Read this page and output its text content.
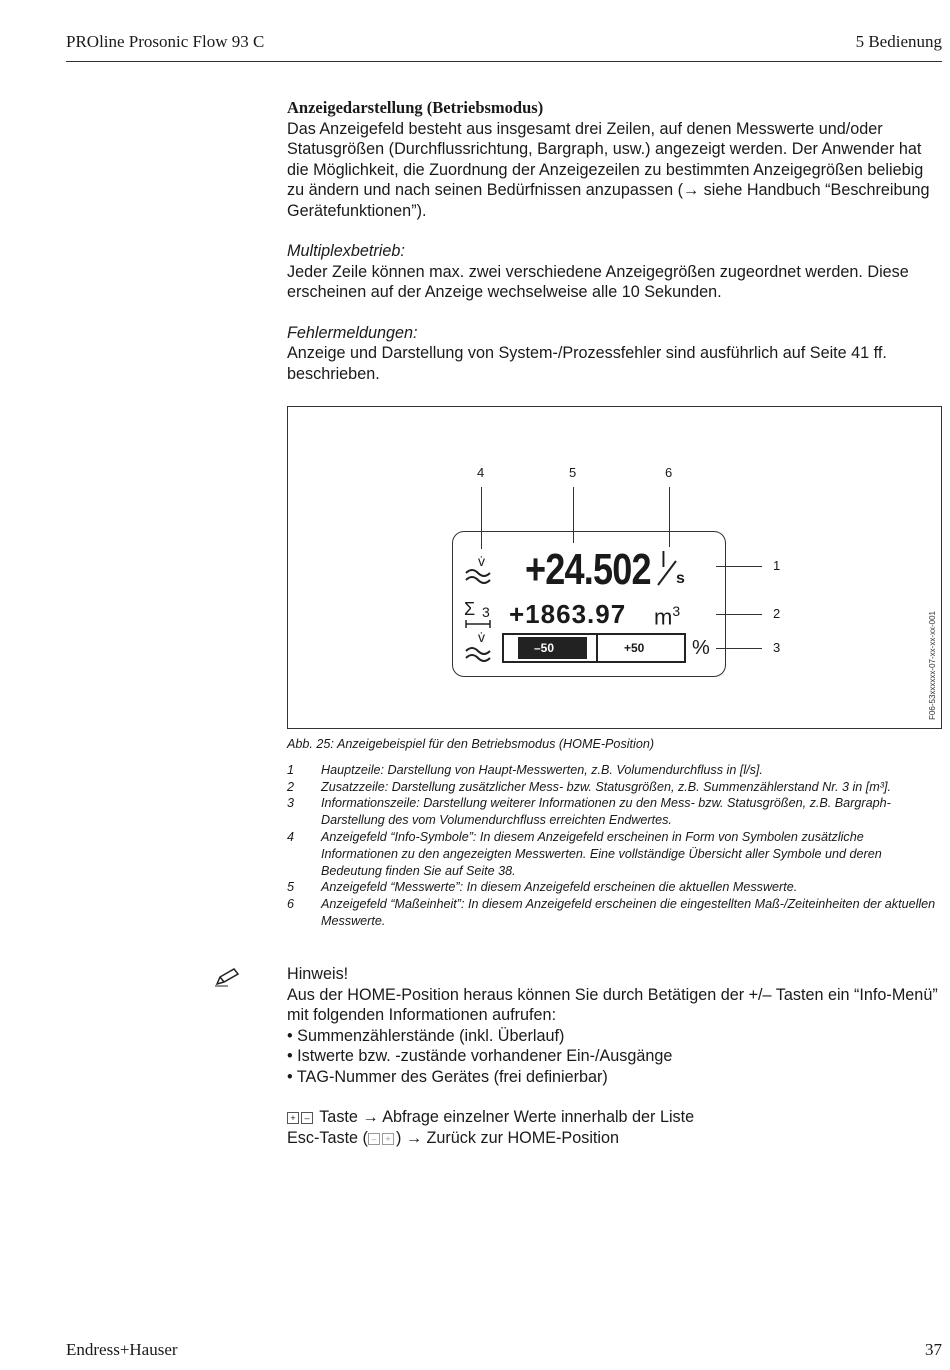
PROline Prosonic Flow 93 C	5 Bedienung
Anzeigedarstellung (Betriebsmodus)
Das Anzeigefeld besteht aus insgesamt drei Zeilen, auf denen Messwerte und/oder Statusgrößen (Durchflussrichtung, Bargraph, usw.) angezeigt werden. Der Anwender hat die Möglichkeit, die Zuordnung der Anzeigezeilen zu bestimmten Anzeigegrößen beliebig zu ändern und nach seinen Bedürfnissen anzupassen (→ siehe Handbuch “Beschreibung Gerätefunktionen”).
Multiplexbetrieb:
Jeder Zeile können max. zwei verschiedene Anzeigegrößen zugeordnet werden. Diese erscheinen auf der Anzeige wechselweise alle 10 Sekunden.
Fehlermeldungen:
Anzeige und Darstellung von System-/Prozessfehler sind ausführlich auf Seite 41 ff. beschrieben.
4	5	6
1
2
3
v̇ +24.502 l
s
Σ 3 +1863.97 $m^3$
v̇
–50	+50 %	F06-53xxxxxx-07-xx-xx-xx-001
Abb. 25: Anzeigebeispiel für den Betriebsmodus (HOME-Position)
1 Hauptzeile: Darstellung von Haupt-Messwerten, z.B. Volumendurchfluss in [l/s].
2 Zusatzzeile: Darstellung zusätzlicher Mess- bzw. Statusgrößen, z.B. Summenzählerstand Nr. 3 in [m³].
3 Informationszeile: Darstellung weiterer Informationen zu den Mess- bzw. Statusgrößen, z.B. Bargraph-Darstellung des vom Volumendurchfluss erreichten Endwertes.
4 Anzeigefeld “Info-Symbole”: In diesem Anzeigefeld erscheinen in Form von Symbolen zusätzliche Informationen zu den angezeigten Messwerten. Eine vollständige Übersicht aller Symbole und deren Bedeutung finden Sie auf Seite 38.
5 Anzeigefeld “Messwerte”: In diesem Anzeigefeld erscheinen die aktuellen Messwerte.
6 Anzeigefeld “Maßeinheit”: In diesem Anzeigefeld erscheinen die eingestellten Maß-/Zeiteinheiten der aktuellen Messwerte.
Hinweis!
Aus der HOME-Position heraus können Sie durch Betätigen der +/– Tasten ein “Info-Menü” mit folgenden Informationen aufrufen:
• Summenzählerstände (inkl. Überlauf)
• Istwerte bzw. -zustände vorhandener Ein-/Ausgänge
• TAG-Nummer des Gerätes (frei definierbar)
+ – Taste → Abfrage einzelner Werte innerhalb der Liste
Esc-Taste ( – + ) → Zurück zur HOME-Position
Endress+Hauser	37
